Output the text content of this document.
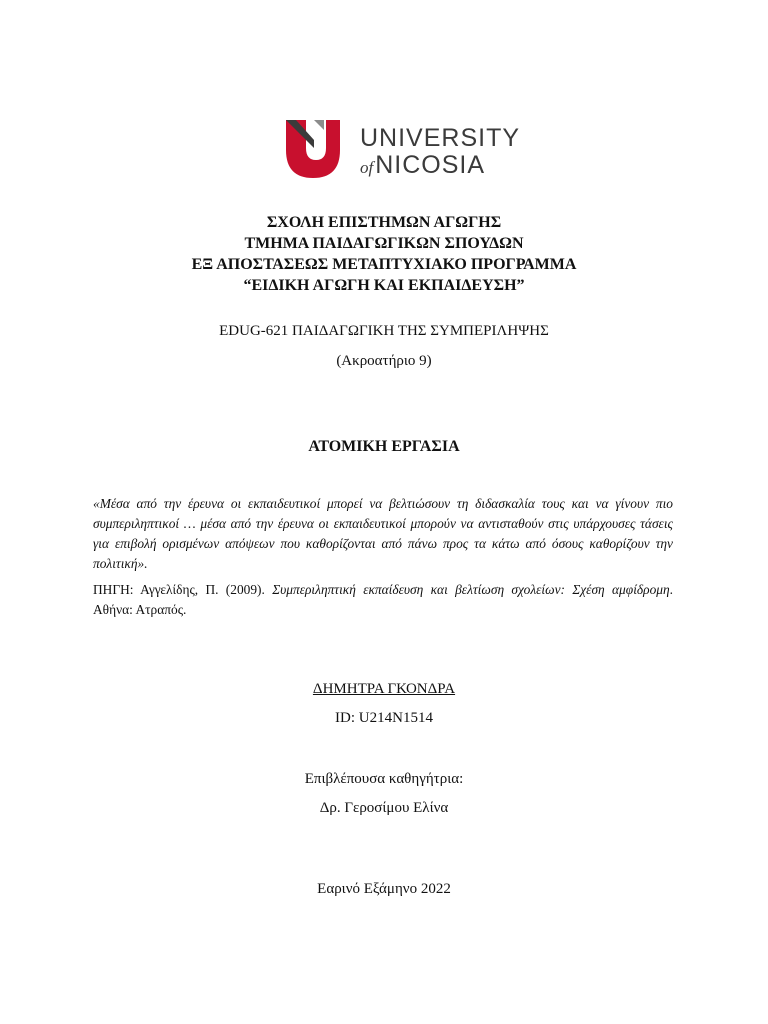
UNIVERSITY
ofNICOSIA
ΣΧΟΛΗ ΕΠΙΣΤΗΜΩΝ ΑΓΩΓΗΣ
ΤΜΗΜΑ ΠΑΙΔΑΓΩΓΙΚΩΝ ΣΠΟΥΔΩΝ
ΕΞ ΑΠΟΣΤΑΣΕΩΣ ΜΕΤΑΠΤΥΧΙΑΚΟ ΠΡΟΓΡΑΜΜΑ
“ΕΙΔΙΚΗ ΑΓΩΓΗ ΚΑΙ ΕΚΠΑΙΔΕΥΣΗ”
EDUG-621 ΠΑΙΔΑΓΩΓΙΚΗ ΤΗΣ ΣΥΜΠΕΡΙΛΗΨΗΣ
(Ακροατήριο 9)
ΑΤΟΜΙΚΗ ΕΡΓΑΣΙΑ
«Μέσα από την έρευνα οι εκπαιδευτικοί μπορεί να βελτιώσουν τη διδασκαλία τους και να γίνουν πιο συμπεριληπτικοί … μέσα από την έρευνα οι εκπαιδευτικοί μπορούν να αντισταθούν στις υπάρχουσες τάσεις για επιβολή ορισμένων απόψεων που καθορίζονται από πάνω προς τα κάτω από όσους καθορίζουν την πολιτική».
ΠΗΓΗ: Αγγελίδης, Π. (2009). Συμπεριληπτική εκπαίδευση και βελτίωση σχολείων: Σχέση αμφίδρομη. Αθήνα: Ατραπός.
ΔΗΜΗΤΡΑ ΓΚΟΝΔΡΑ
ID: U214N1514
Επιβλέπουσα καθηγήτρια:
Δρ. Γεροσίμου Ελίνα
Εαρινό Εξάμηνο 2022
